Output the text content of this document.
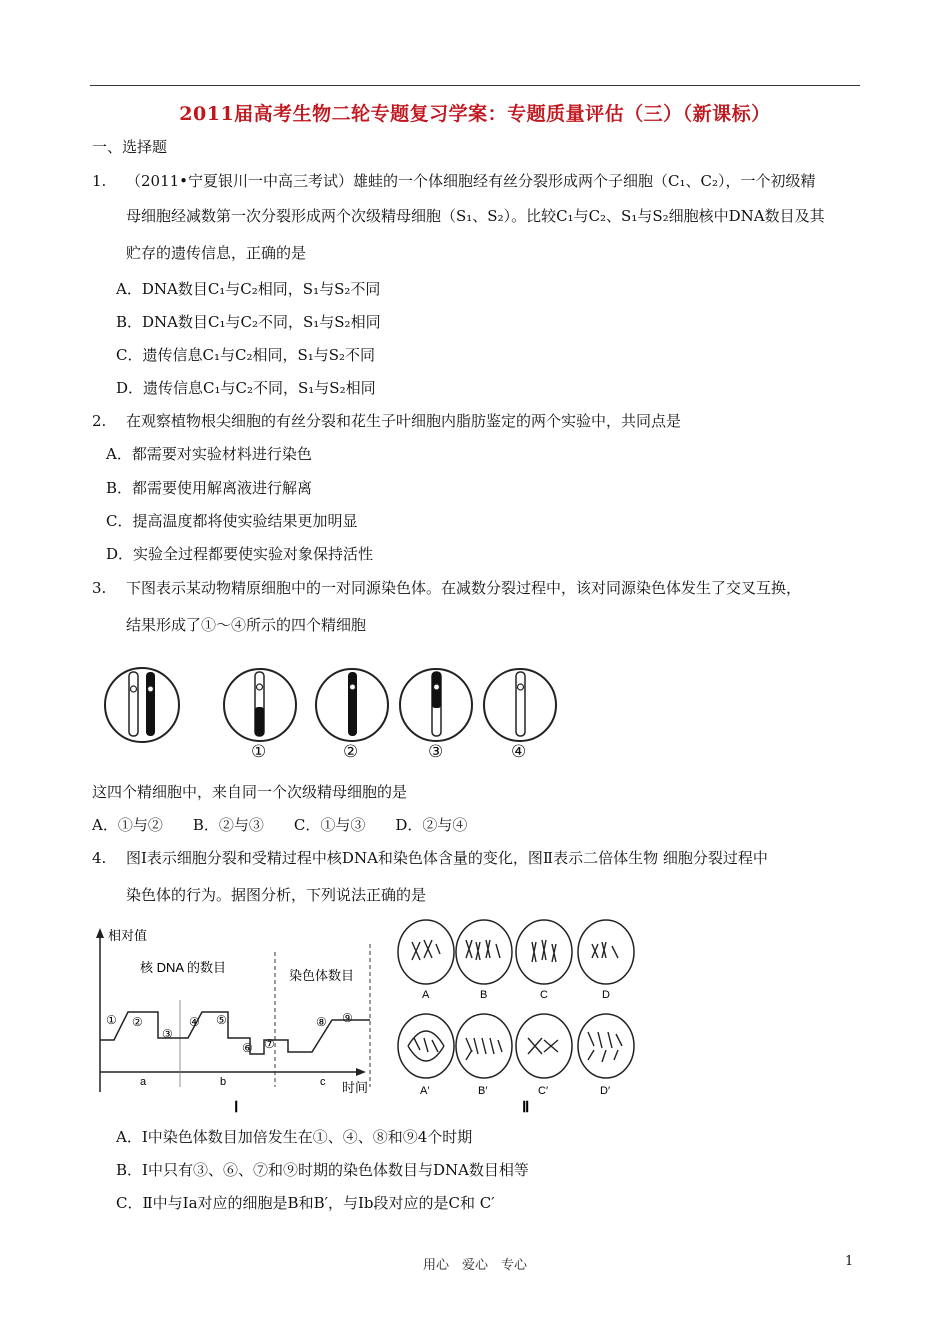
2011届高考生物二轮专题复习学案：专题质量评估（三）（新课标）
一、选择题
1. （2011•宁夏银川一中高三考试）雄蛙的一个体细胞经有丝分裂形成两个子细胞（C₁、C₂），一个初级精
母细胞经减数第一次分裂形成两个次级精母细胞（S₁、S₂）。比较C₁与C₂、S₁与S₂细胞核中DNA数目及其
贮存的遗传信息，正确的是
A．DNA数目C₁与C₂相同，S₁与S₂不同
B．DNA数目C₁与C₂不同，S₁与S₂相同
C．遗传信息C₁与C₂相同，S₁与S₂不同
D．遗传信息C₁与C₂不同，S₁与S₂相同
2. 在观察植物根尖细胞的有丝分裂和花生子叶细胞内脂肪鉴定的两个实验中，共同点是
A．都需要对实验材料进行染色
B．都需要使用解离液进行解离
C．提高温度都将使实验结果更加明显
D．实验全过程都要使实验对象保持活性
3. 下图表示某动物精原细胞中的一对同源染色体。在减数分裂过程中，该对同源染色体发生了交叉互换，
结果形成了①～④所示的四个精细胞
①	②	③	④
这四个精细胞中，来自同一个次级精母细胞的是
A．①与②　　B．②与③　　C．①与③　　D．②与④
4. 图Ⅰ表示细胞分裂和受精过程中核DNA和染色体含量的变化，图Ⅱ表示二倍体生物 细胞分裂过程中
染色体的行为。据图分析，下列说法正确的是
相对值
核 DNA 的数目
染色体数目
① ②
③
④ ⑤
⑥ ⑦
⑧ ⑨
a	b	c 时间
Ⅰ
A	B	C	D
A′	B′	C′	D′
Ⅱ
A．Ⅰ中染色体数目加倍发生在①、④、⑧和⑨4个时期
B．Ⅰ中只有③、⑥、⑦和⑨时期的染色体数目与DNA数目相等
C．Ⅱ中与Ⅰa对应的细胞是B和B′，与Ⅰb段对应的是C和 C′
用心　爱心　专心	1
